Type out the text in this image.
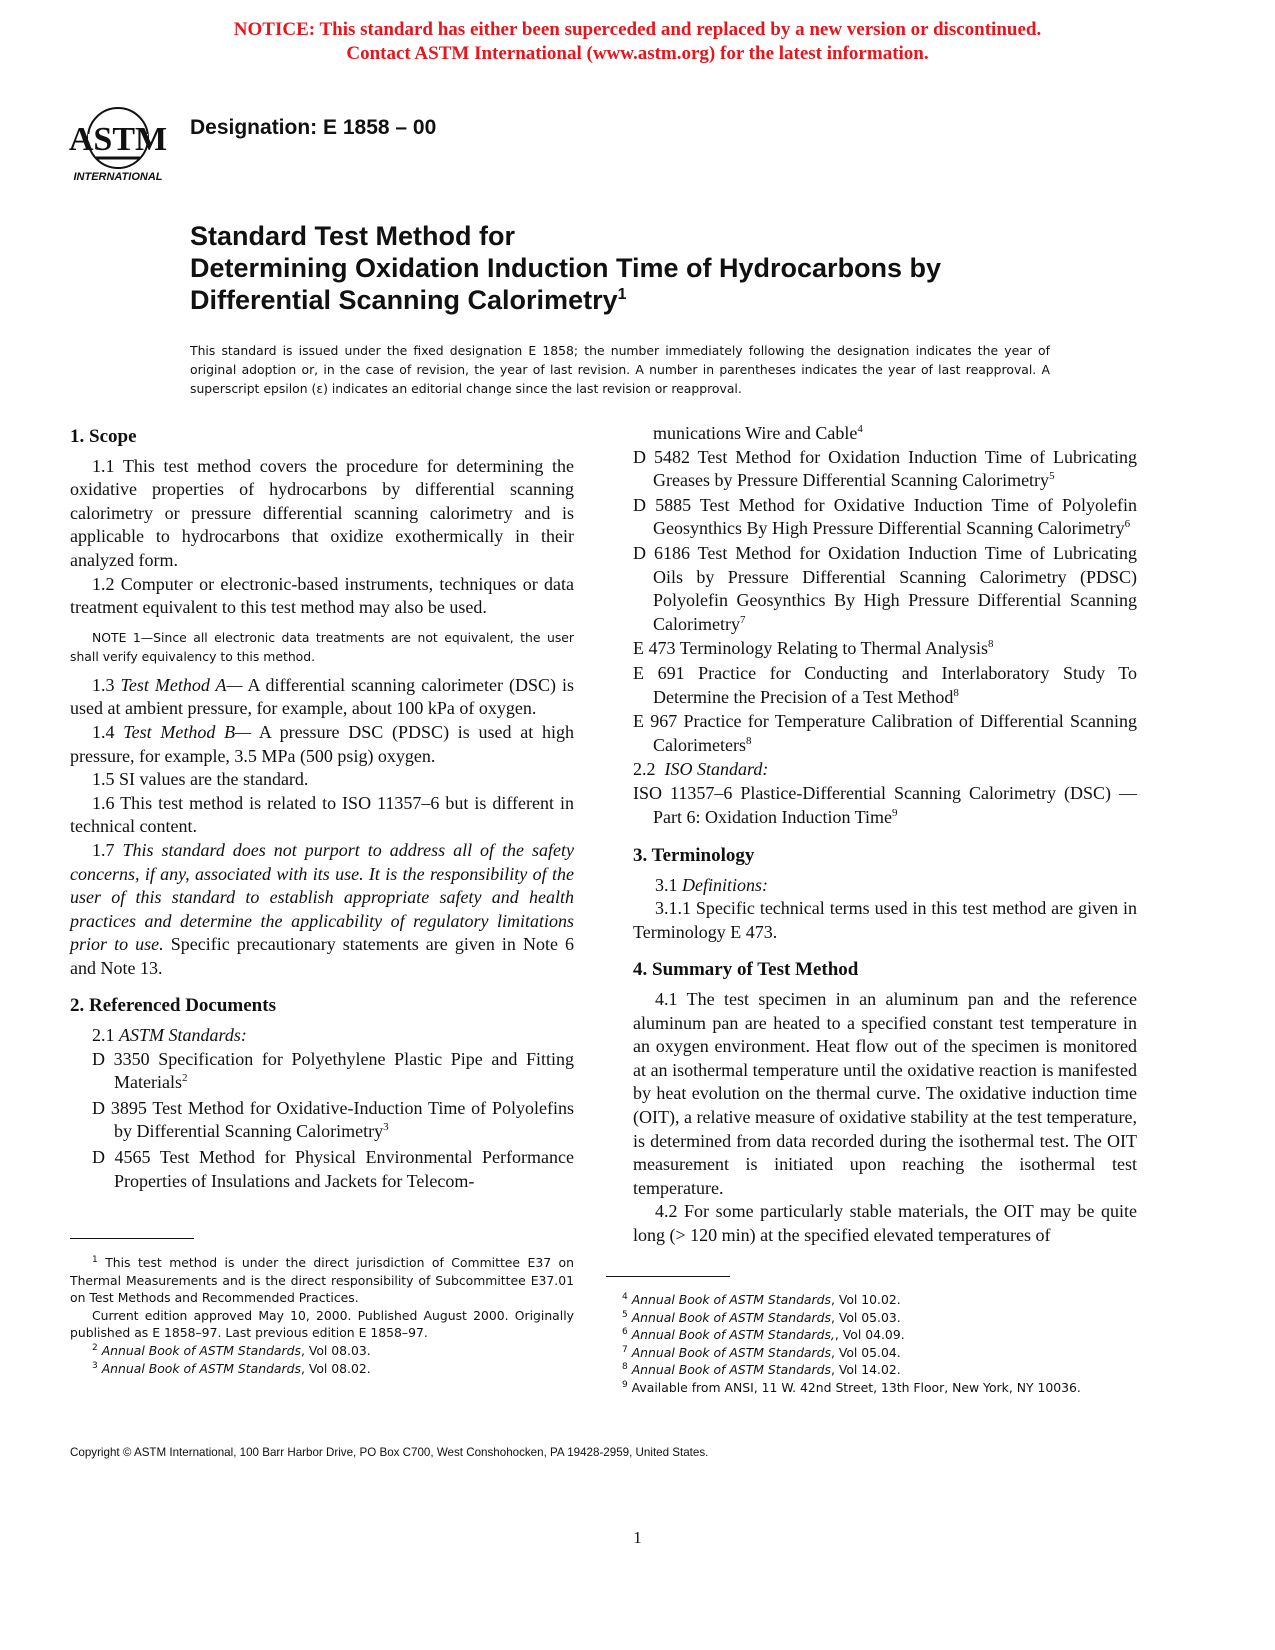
NOTICE: This standard has either been superceded and replaced by a new version or discontinued.
Contact ASTM International (www.astm.org) for the latest information.
ASTM
INTERNATIONAL
Designation: E 1858 – 00
Standard Test Method for
Determining Oxidation Induction Time of Hydrocarbons by
Differential Scanning Calorimetry$^1$
This standard is issued under the fixed designation E 1858; the number immediately following the designation indicates the year of original adoption or, in the case of revision, the year of last revision. A number in parentheses indicates the year of last reapproval. A superscript epsilon (ε) indicates an editorial change since the last revision or reapproval.

1. Scope

1.1 This test method covers the procedure for determining the oxidative properties of hydrocarbons by differential scanning calorimetry or pressure differential scanning calorimetry and is applicable to hydrocarbons that oxidize exothermically in their analyzed form.

1.2 Computer or electronic-based instruments, techniques or data treatment equivalent to this test method may also be used.

NOTE 1—Since all electronic data treatments are not equivalent, the user shall verify equivalency to this method.

1.3 Test Method A— A differential scanning calorimeter (DSC) is used at ambient pressure, for example, about 100 kPa of oxygen.

1.4 Test Method B— A pressure DSC (PDSC) is used at high pressure, for example, 3.5 MPa (500 psig) oxygen.

1.5 SI values are the standard.

1.6 This test method is related to ISO 11357–6 but is different in technical content.

1.7 This standard does not purport to address all of the safety concerns, if any, associated with its use. It is the responsibility of the user of this standard to establish appropriate safety and health practices and determine the applicability of regulatory limitations prior to use. Specific precautionary statements are given in Note 6 and Note 13.

2. Referenced Documents

2.1 ASTM Standards:

D 3350 Specification for Polyethylene Plastic Pipe and Fitting Materials$^2$

D 3895 Test Method for Oxidative-Induction Time of Polyolefins by Differential Scanning Calorimetry$^3$

D 4565 Test Method for Physical Environmental Performance Properties of Insulations and Jackets for Telecom-

munications Wire and Cable$^4$

D 5482 Test Method for Oxidation Induction Time of Lubricating Greases by Pressure Differential Scanning Calorimetry$^5$

D 5885 Test Method for Oxidative Induction Time of Polyolefin Geosynthics By High Pressure Differential Scanning Calorimetry$^6$

D 6186 Test Method for Oxidation Induction Time of Lubricating Oils by Pressure Differential Scanning Calorimetry (PDSC) Polyolefin Geosynthics By High Pressure Differential Scanning Calorimetry$^7$

E 473 Terminology Relating to Thermal Analysis$^8$

E 691 Practice for Conducting and Interlaboratory Study To Determine the Precision of a Test Method$^8$

E 967 Practice for Temperature Calibration of Differential Scanning Calorimeters$^8$

2.2 ISO Standard:

ISO 11357–6 Plastice-Differential Scanning Calorimetry (DSC) — Part 6: Oxidation Induction Time$^9$

3. Terminology

3.1 Definitions:

3.1.1 Specific technical terms used in this test method are given in Terminology E 473.

4. Summary of Test Method

4.1 The test specimen in an aluminum pan and the reference aluminum pan are heated to a specified constant test temperature in an oxygen environment. Heat flow out of the specimen is monitored at an isothermal temperature until the oxidative reaction is manifested by heat evolution on the thermal curve. The oxidative induction time (OIT), a relative measure of oxidative stability at the test temperature, is determined from data recorded during the isothermal test. The OIT measurement is initiated upon reaching the isothermal test temperature.

4.2 For some particularly stable materials, the OIT may be quite long (> 120 min) at the specified elevated temperatures of

$^1$ This test method is under the direct jurisdiction of Committee E37 on Thermal Measurements and is the direct responsibility of Subcommittee E37.01 on Test Methods and Recommended Practices.

Current edition approved May 10, 2000. Published August 2000. Originally published as E 1858–97. Last previous edition E 1858–97.

$^2$ Annual Book of ASTM Standards, Vol 08.03.

$^3$ Annual Book of ASTM Standards, Vol 08.02.

$^4$ Annual Book of ASTM Standards, Vol 10.02.

$^5$ Annual Book of ASTM Standards, Vol 05.03.

$^6$ Annual Book of ASTM Standards,, Vol 04.09.

$^7$ Annual Book of ASTM Standards, Vol 05.04.

$^8$ Annual Book of ASTM Standards, Vol 14.02.

$^9$ Available from ANSI, 11 W. 42nd Street, 13th Floor, New York, NY 10036.

Copyright © ASTM International, 100 Barr Harbor Drive, PO Box C700, West Conshohocken, PA 19428-2959, United States.
1
